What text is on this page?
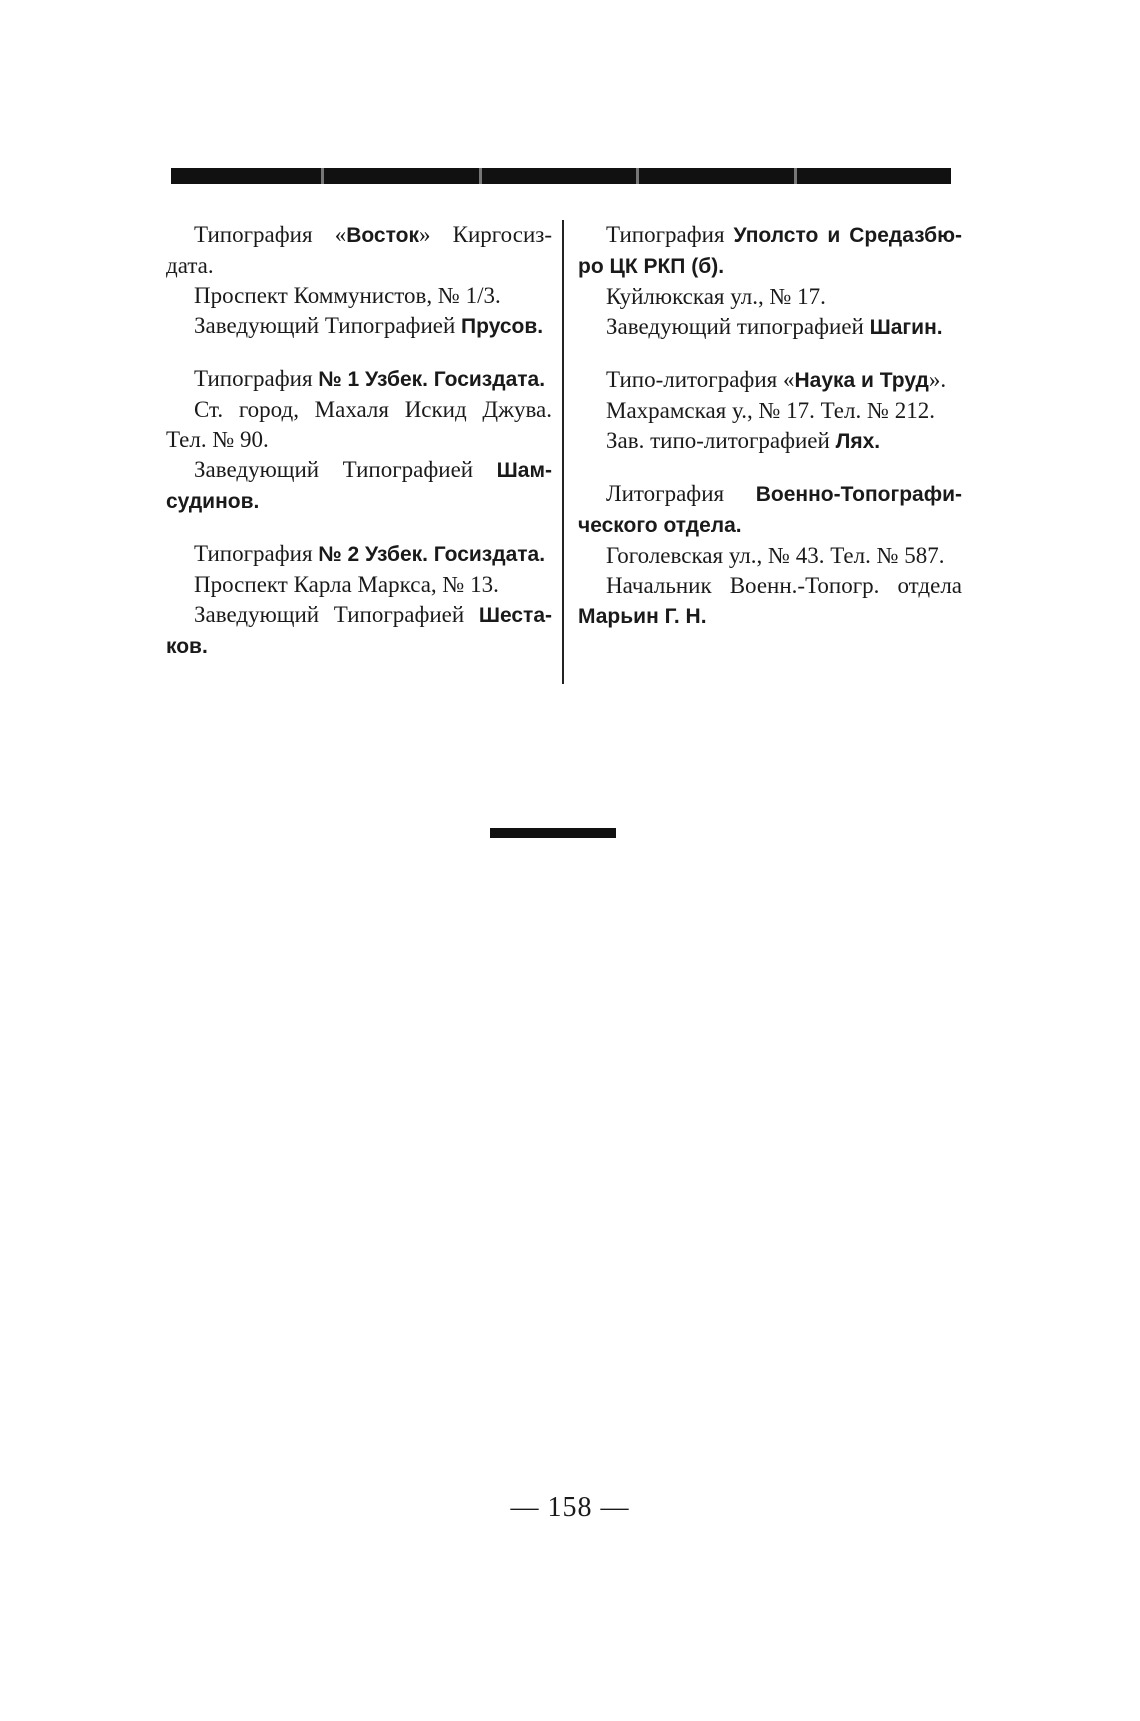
Типография «Восток» Киргосиздата.

Проспект Коммунистов, № 1/3.

Заведующий Типографией Прусов.

Типография № 1 Узбек. Госиздата.

Ст. город, Махаля Искид Джува. Тел. № 90.

Заведующий Типографией Шамсудинов.

Типография № 2 Узбек. Госиздата.

Проспект Карла Маркса, № 13.

Заведующий Типографией Шестаков.

Типография Уполсто и Средазбюро ЦК РКП (б).

Куйлюкская ул., № 17.

Заведующий типографией Шагин.

Типо-литография «Наука и Труд».

Махрамская у., № 17. Тел. № 212.

Зав. типо-литографией Лях.

Литография Военно-Топографического отдела.

Гоголевская ул., № 43. Тел. № 587.

Начальник Военн.-Топогр. отдела Марьин Г. Н.

— 158 —
